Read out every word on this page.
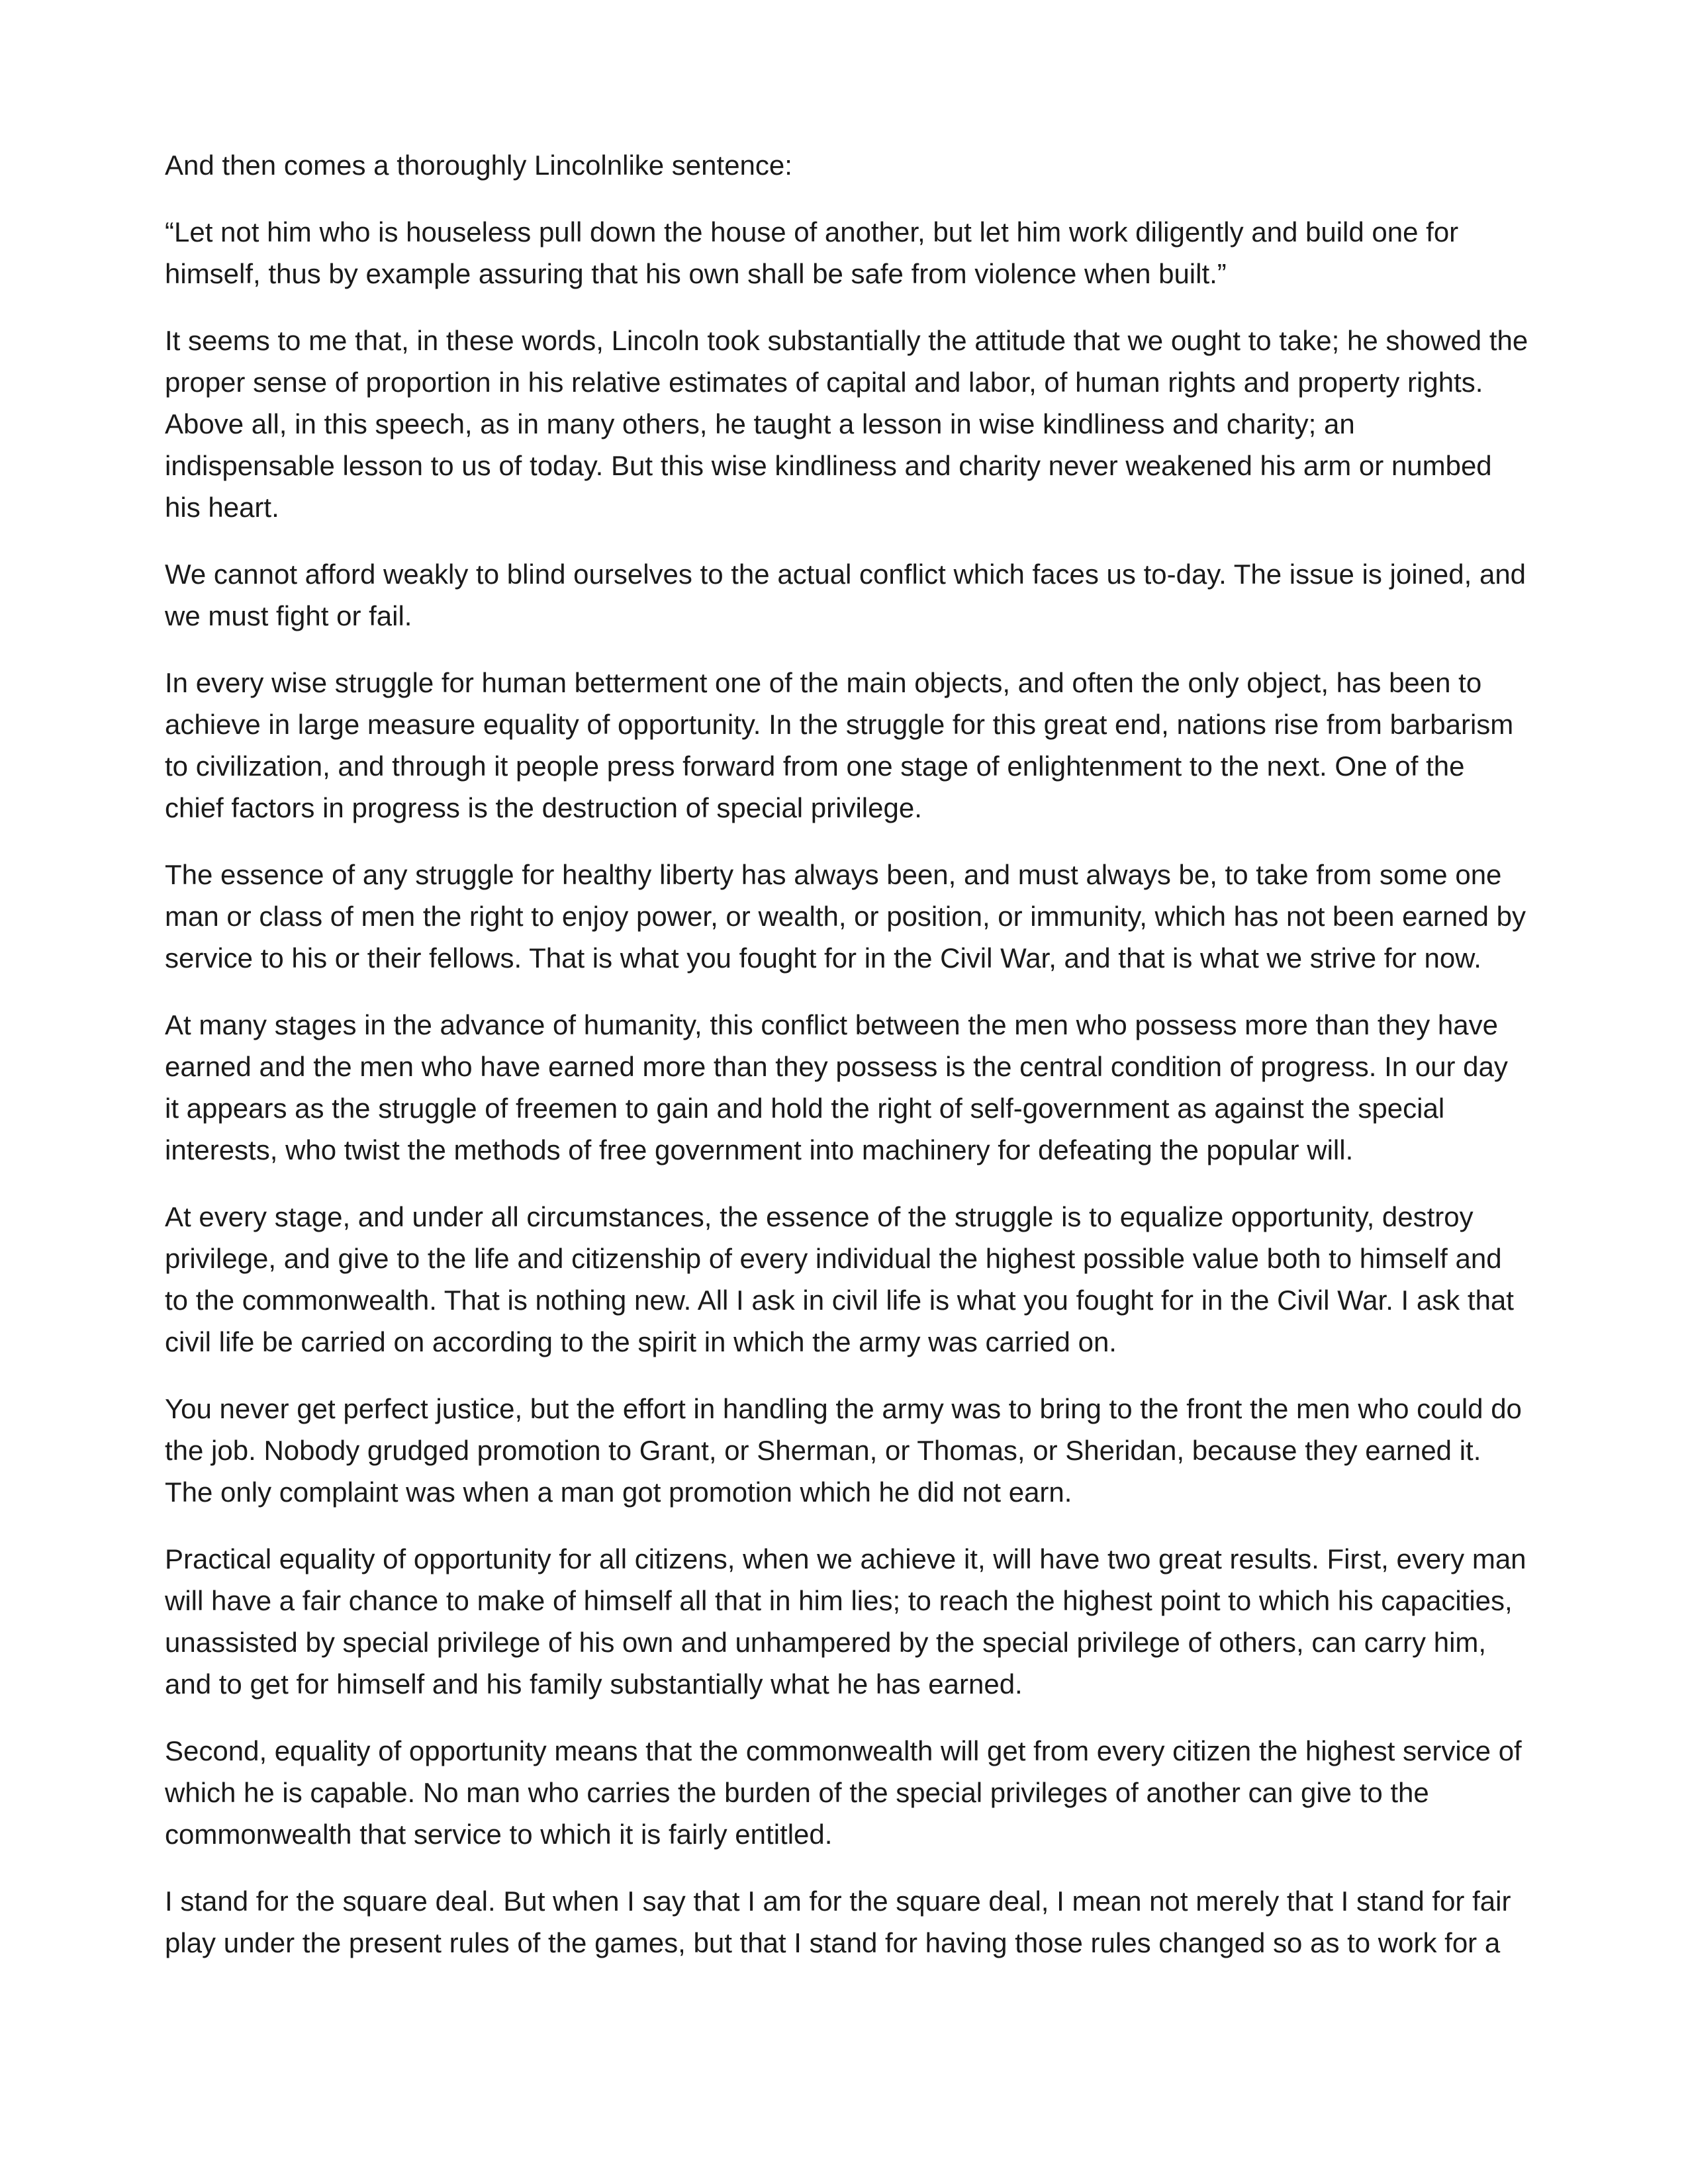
And then comes a thoroughly Lincolnlike sentence:

“Let not him who is houseless pull down the house of another, but let him work diligently and build one for himself, thus by example assuring that his own shall be safe from violence when built.”

It seems to me that, in these words, Lincoln took substantially the attitude that we ought to take; he showed the proper sense of proportion in his relative estimates of capital and labor, of human rights and property rights. Above all, in this speech, as in many others, he taught a lesson in wise kindliness and charity; an indispensable lesson to us of today. But this wise kindliness and charity never weakened his arm or numbed his heart.

We cannot afford weakly to blind ourselves to the actual conflict which faces us to-day. The issue is joined, and we must fight or fail.

In every wise struggle for human betterment one of the main objects, and often the only object, has been to achieve in large measure equality of opportunity. In the struggle for this great end, nations rise from barbarism to civilization, and through it people press forward from one stage of enlightenment to the next. One of the chief factors in progress is the destruction of special privilege.

The essence of any struggle for healthy liberty has always been, and must always be, to take from some one man or class of men the right to enjoy power, or wealth, or position, or immunity, which has not been earned by service to his or their fellows. That is what you fought for in the Civil War, and that is what we strive for now.

At many stages in the advance of humanity, this conflict between the men who possess more than they have earned and the men who have earned more than they possess is the central condition of progress. In our day it appears as the struggle of freemen to gain and hold the right of self-government as against the special interests, who twist the methods of free government into machinery for defeating the popular will.

At every stage, and under all circumstances, the essence of the struggle is to equalize opportunity, destroy privilege, and give to the life and citizenship of every individual the highest possible value both to himself and to the commonwealth. That is nothing new. All I ask in civil life is what you fought for in the Civil War. I ask that civil life be carried on according to the spirit in which the army was carried on.

You never get perfect justice, but the effort in handling the army was to bring to the front the men who could do the job. Nobody grudged promotion to Grant, or Sherman, or Thomas, or Sheridan, because they earned it. The only complaint was when a man got promotion which he did not earn.

Practical equality of opportunity for all citizens, when we achieve it, will have two great results. First, every man will have a fair chance to make of himself all that in him lies; to reach the highest point to which his capacities, unassisted by special privilege of his own and unhampered by the special privilege of others, can carry him, and to get for himself and his family substantially what he has earned.

Second, equality of opportunity means that the commonwealth will get from every citizen the highest service of which he is capable. No man who carries the burden of the special privileges of another can give to the commonwealth that service to which it is fairly entitled.

I stand for the square deal. But when I say that I am for the square deal, I mean not merely that I stand for fair play under the present rules of the games, but that I stand for having those rules changed so as to work for a
